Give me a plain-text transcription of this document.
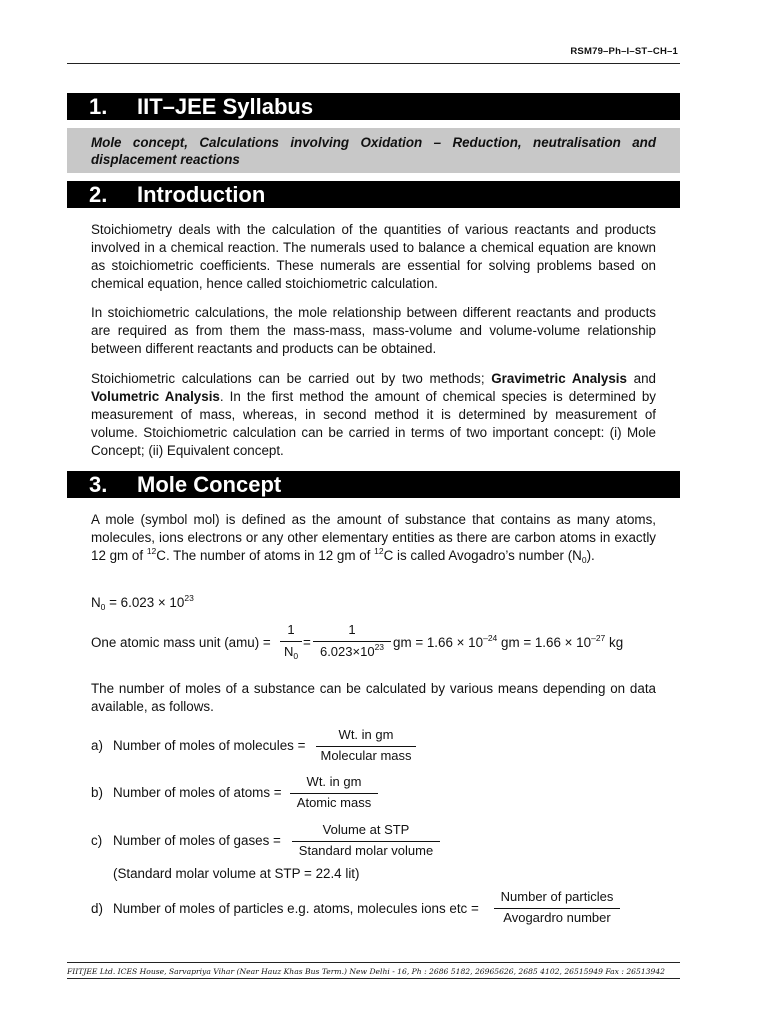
RSM79–Ph–I–ST–CH–1
1. IIT–JEE Syllabus
Mole concept, Calculations involving Oxidation – Reduction, neutralisation and displacement reactions
2. Introduction

Stoichiometry deals with the calculation of the quantities of various reactants and products involved in a chemical reaction. The numerals used to balance a chemical equation are known as stoichiometric coefficients. These numerals are essential for solving problems based on chemical equation, hence called stoichiometric calculation.

In stoichiometric calculations, the mole relationship between different reactants and products are required as from them the mass-mass, mass-volume and volume-volume relationship between different reactants and products can be obtained.

Stoichiometric calculations can be carried out by two methods; Gravimetric Analysis and Volumetric Analysis. In the first method the amount of chemical species is determined by measurement of mass, whereas, in second method it is determined by measurement of volume. Stoichiometric calculation can be carried in terms of two important concept: (i) Mole Concept; (ii) Equivalent concept.

3. Mole Concept

A mole (symbol mol) is defined as the amount of substance that contains as many atoms, molecules, ions electrons or any other elementary entities as there are carbon atoms in exactly 12 gm of $^{12}$C. The number of atoms in 12 gm of $^{12}$C is called Avogadro’s number $(N_0)$.

$N_0 = 6.023 \times 10^{23}$
One atomic mass unit (amu) =
1
$N_0$
=
1
$6.023\times 10^{23}$ gm = $1.66 \times 10^{-24}$ gm = $1.66 \times 10^{-27}$ kg

The number of moles of a substance can be calculated by various means depending on data available, as follows.

a) Number of moles of molecules =
Wt. in gm
Molecular mass
b) Number of moles of atoms =
Wt. in gm
Atomic mass
c) Number of moles of gases =
Volume at STP
Standard molar volume
(Standard molar volume at STP = 22.4 lit)
d) Number of moles of particles e.g. atoms, molecules ions etc =
Number of particles
Avogardro number
FIITJEE Ltd. ICES House, Sarvapriya Vihar (Near Hauz Khas Bus Term.) New Delhi - 16, Ph : 2686 5182, 26965626, 2685 4102, 26515949 Fax : 26513942
